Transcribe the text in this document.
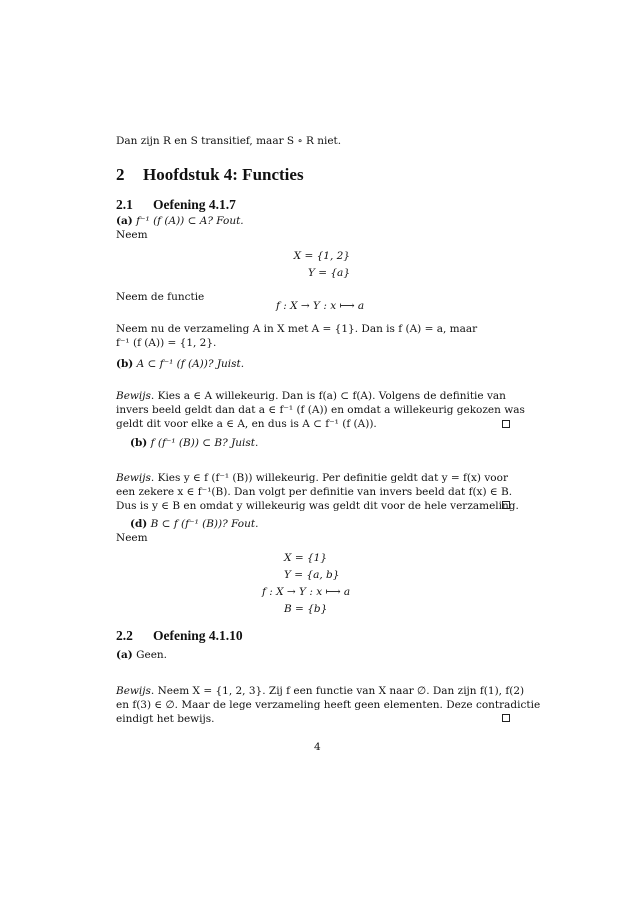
Dan zijn R en S transitief, maar S ∘ R niet.
2 Hoofdstuk 4: Functies
2.1 Oefening 4.1.7
(a) f⁻¹ (f (A)) ⊂ A? Fout.
Neem
X = {1, 2}
Y = {a}
Neem de functie
f : X → Y : x ⟼ a
Neem nu de verzameling A in X met A = {1}. Dan is f (A) = a, maar
f⁻¹ (f (A)) = {1, 2}.
(b) A ⊂ f⁻¹ (f (A))? Juist.
Bewijs. Kies a ∈ A willekeurig. Dan is f(a) ⊂ f(A). Volgens de definitie van
invers beeld geldt dan dat a ∈ f⁻¹ (f (A)) en omdat a willekeurig gekozen was
geldt dit voor elke a ∈ A, en dus is A ⊂ f⁻¹ (f (A)).
(b) f (f⁻¹ (B)) ⊂ B? Juist.
Bewijs. Kies y ∈ f (f⁻¹ (B)) willekeurig. Per definitie geldt dat y = f(x) voor
een zekere x ∈ f⁻¹(B). Dan volgt per definitie van invers beeld dat f(x) ∈ B.
Dus is y ∈ B en omdat y willekeurig was geldt dit voor de hele verzameling.
(d) B ⊂ f (f⁻¹ (B))? Fout.
Neem
X = {1}
Y = {a, b}
f : X → Y : x ⟼ a
B = {b}
2.2 Oefening 4.1.10
(a) Geen.
Bewijs. Neem X = {1, 2, 3}. Zij f een functie van X naar ∅. Dan zijn f(1), f(2)
en f(3) ∈ ∅. Maar de lege verzameling heeft geen elementen. Deze contradictie
eindigt het bewijs.
4
